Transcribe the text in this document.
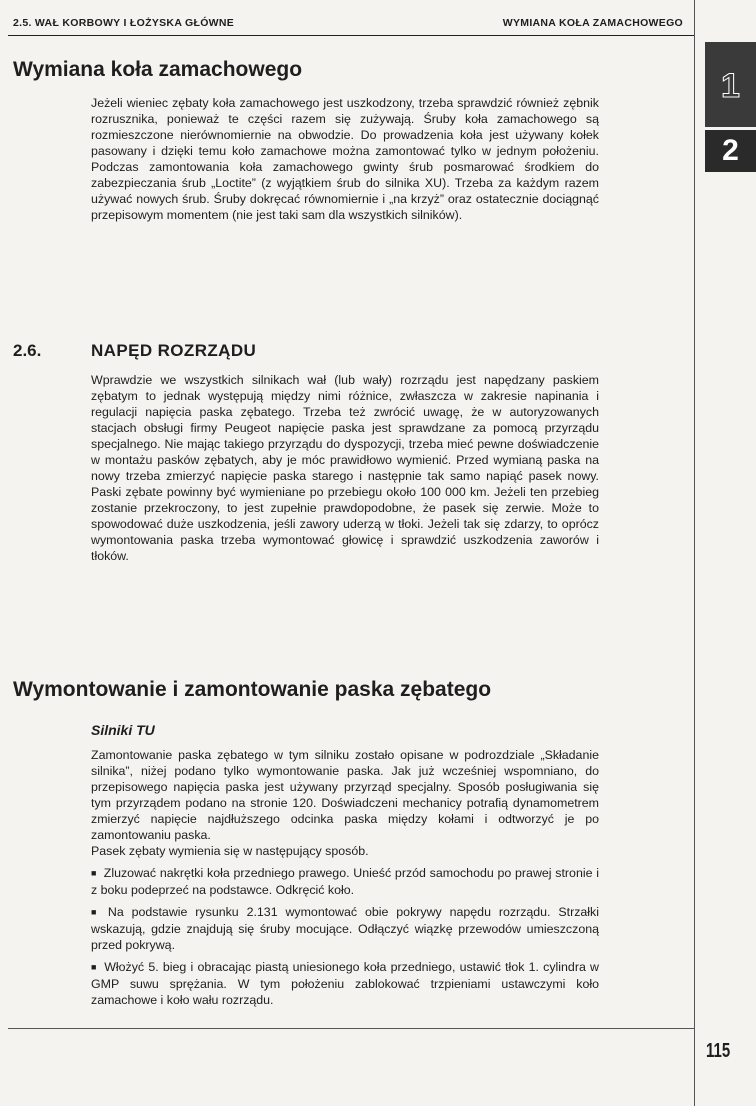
2.5. WAŁ KORBOWY I ŁOŻYSKA GŁÓWNE	WYMIANA KOŁA ZAMACHOWEGO
1
2
Wymiana koła zamachowego

Jeżeli wieniec zębaty koła zamachowego jest uszkodzony, trzeba sprawdzić również zębnik rozrusznika, ponieważ te części razem się zużywają. Śruby koła zamachowego są rozmieszczone nierównomiernie na obwodzie. Do prowadzenia koła jest używany kołek pasowany i dzięki temu koło zamachowe można zamontować tylko w jednym położeniu. Podczas zamontowania koła zamachowego gwinty śrub posmarować środkiem do zabezpieczania śrub „Loctite” (z wyjątkiem śrub do silnika XU). Trzeba za każdym razem używać nowych śrub. Śruby dokręcać równomiernie i „na krzyż” oraz ostatecznie dociągnąć przepisowym momentem (nie jest taki sam dla wszystkich silników).

2.6.	NAPĘD ROZRZĄDU

Wprawdzie we wszystkich silnikach wał (lub wały) rozrządu jest napędzany paskiem zębatym to jednak występują między nimi różnice, zwłaszcza w zakresie napinania i regulacji napięcia paska zębatego. Trzeba też zwrócić uwagę, że w autoryzowanych stacjach obsługi firmy Peugeot napięcie paska jest sprawdzane za pomocą przyrządu specjalnego. Nie mając takiego przyrządu do dyspozycji, trzeba mieć pewne doświadczenie w montażu pasków zębatych, aby je móc prawidłowo wymienić. Przed wymianą paska na nowy trzeba zmierzyć napięcie paska starego i następnie tak samo napiąć pasek nowy. Paski zębate powinny być wymieniane po przebiegu około 100 000 km. Jeżeli ten przebieg zostanie przekroczony, to jest zupełnie prawdopodobne, że pasek się zerwie. Może to spowodować duże uszkodzenia, jeśli zawory uderzą w tłoki. Jeżeli tak się zdarzy, to oprócz wymontowania paska trzeba wymontować głowicę i sprawdzić uszkodzenia zaworów i tłoków.

Wymontowanie i zamontowanie paska zębatego
Silniki TU
Zamontowanie paska zębatego w tym silniku zostało opisane w podrozdziale „Składanie silnika”, niżej podano tylko wymontowanie paska. Jak już wcześniej wspomniano, do przepisowego napięcia paska jest używany przyrząd specjalny. Sposób posługiwania się tym przyrządem podano na stronie 120. Doświadczeni mechanicy potrafią dynamometrem zmierzyć napięcie najdłuższego odcinka paska między kołami i odtworzyć je po zamontowaniu paska.
Pasek zębaty wymienia się w następujący sposób.
■ Zluzować nakrętki koła przedniego prawego. Unieść przód samochodu po prawej stronie i z boku podeprzeć na podstawce. Odkręcić koło.
■ Na podstawie rysunku 2.131 wymontować obie pokrywy napędu rozrządu. Strzałki wskazują, gdzie znajdują się śruby mocujące. Odłączyć wiązkę przewodów umieszczoną przed pokrywą.
■ Włożyć 5. bieg i obracając piastą uniesionego koła przedniego, ustawić tłok 1. cylindra w GMP suwu sprężania. W tym położeniu zablokować trzpieniami ustawczymi koło zamachowe i koło wału rozrządu.
115
